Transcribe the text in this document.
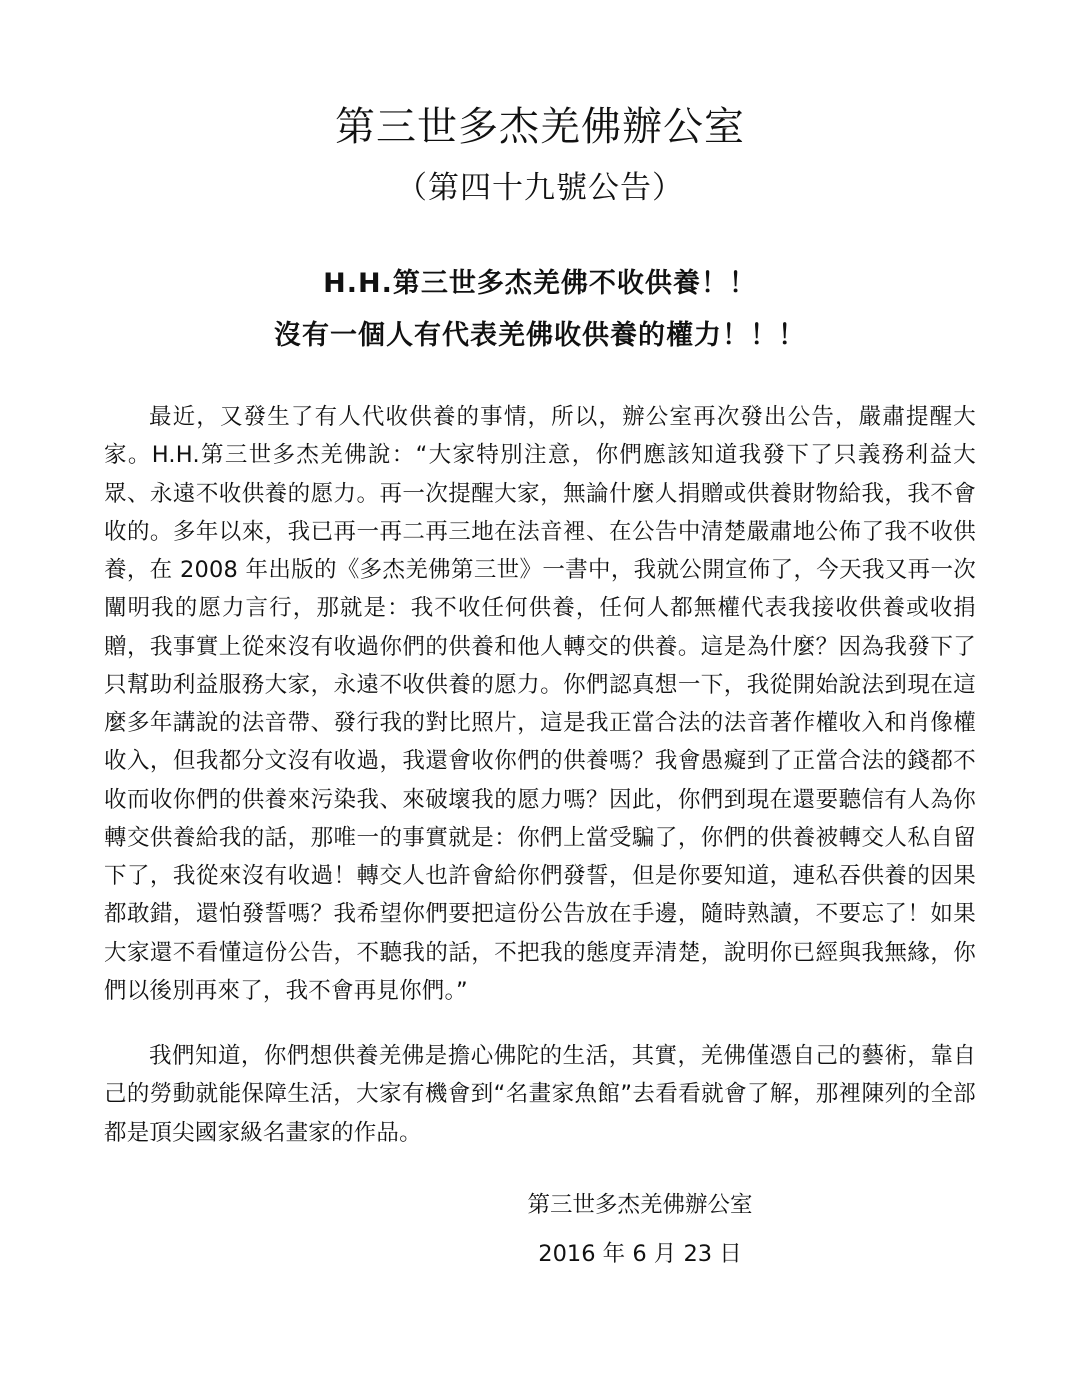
第三世多杰羌佛辦公室
（第四十九號公告）

H.H.第三世多杰羌佛不收供養！！

沒有一個人有代表羌佛收供養的權力！！！

最近，又發生了有人代收供養的事情，所以，辦公室再次發出公告，嚴肅提醒大家。H.H.第三世多杰羌佛說：“大家特別注意，你們應該知道我發下了只義務利益大眾、永遠不收供養的愿力。再一次提醒大家，無論什麼人捐贈或供養財物給我，我不會收的。多年以來，我已再一再二再三地在法音裡、在公告中清楚嚴肅地公佈了我不收供養，在 2008 年出版的《多杰羌佛第三世》一書中，我就公開宣佈了，今天我又再一次闡明我的愿力言行，那就是：我不收任何供養，任何人都無權代表我接收供養或收捐贈，我事實上從來沒有收過你們的供養和他人轉交的供養。這是為什麼？因為我發下了只幫助利益服務大家，永遠不收供養的愿力。你們認真想一下，我從開始說法到現在這麼多年講說的法音帶、發行我的對比照片，這是我正當合法的法音著作權收入和肖像權收入，但我都分文沒有收過，我還會收你們的供養嗎？我會愚癡到了正當合法的錢都不收而收你們的供養來污染我、來破壞我的愿力嗎？因此，你們到現在還要聽信有人為你轉交供養給我的話，那唯一的事實就是：你們上當受騙了，你們的供養被轉交人私自留下了，我從來沒有收過！轉交人也許會給你們發誓，但是你要知道，連私吞供養的因果都敢錯，還怕發誓嗎？我希望你們要把這份公告放在手邊，隨時熟讀，不要忘了！如果大家還不看懂這份公告，不聽我的話，不把我的態度弄清楚，說明你已經與我無緣，你們以後別再來了，我不會再見你們。”

我們知道，你們想供養羌佛是擔心佛陀的生活，其實，羌佛僅憑自己的藝術，靠自己的勞動就能保障生活，大家有機會到“名畫家魚館”去看看就會了解，那裡陳列的全部都是頂尖國家級名畫家的作品。

第三世多杰羌佛辦公室

2016 年 6 月 23 日
